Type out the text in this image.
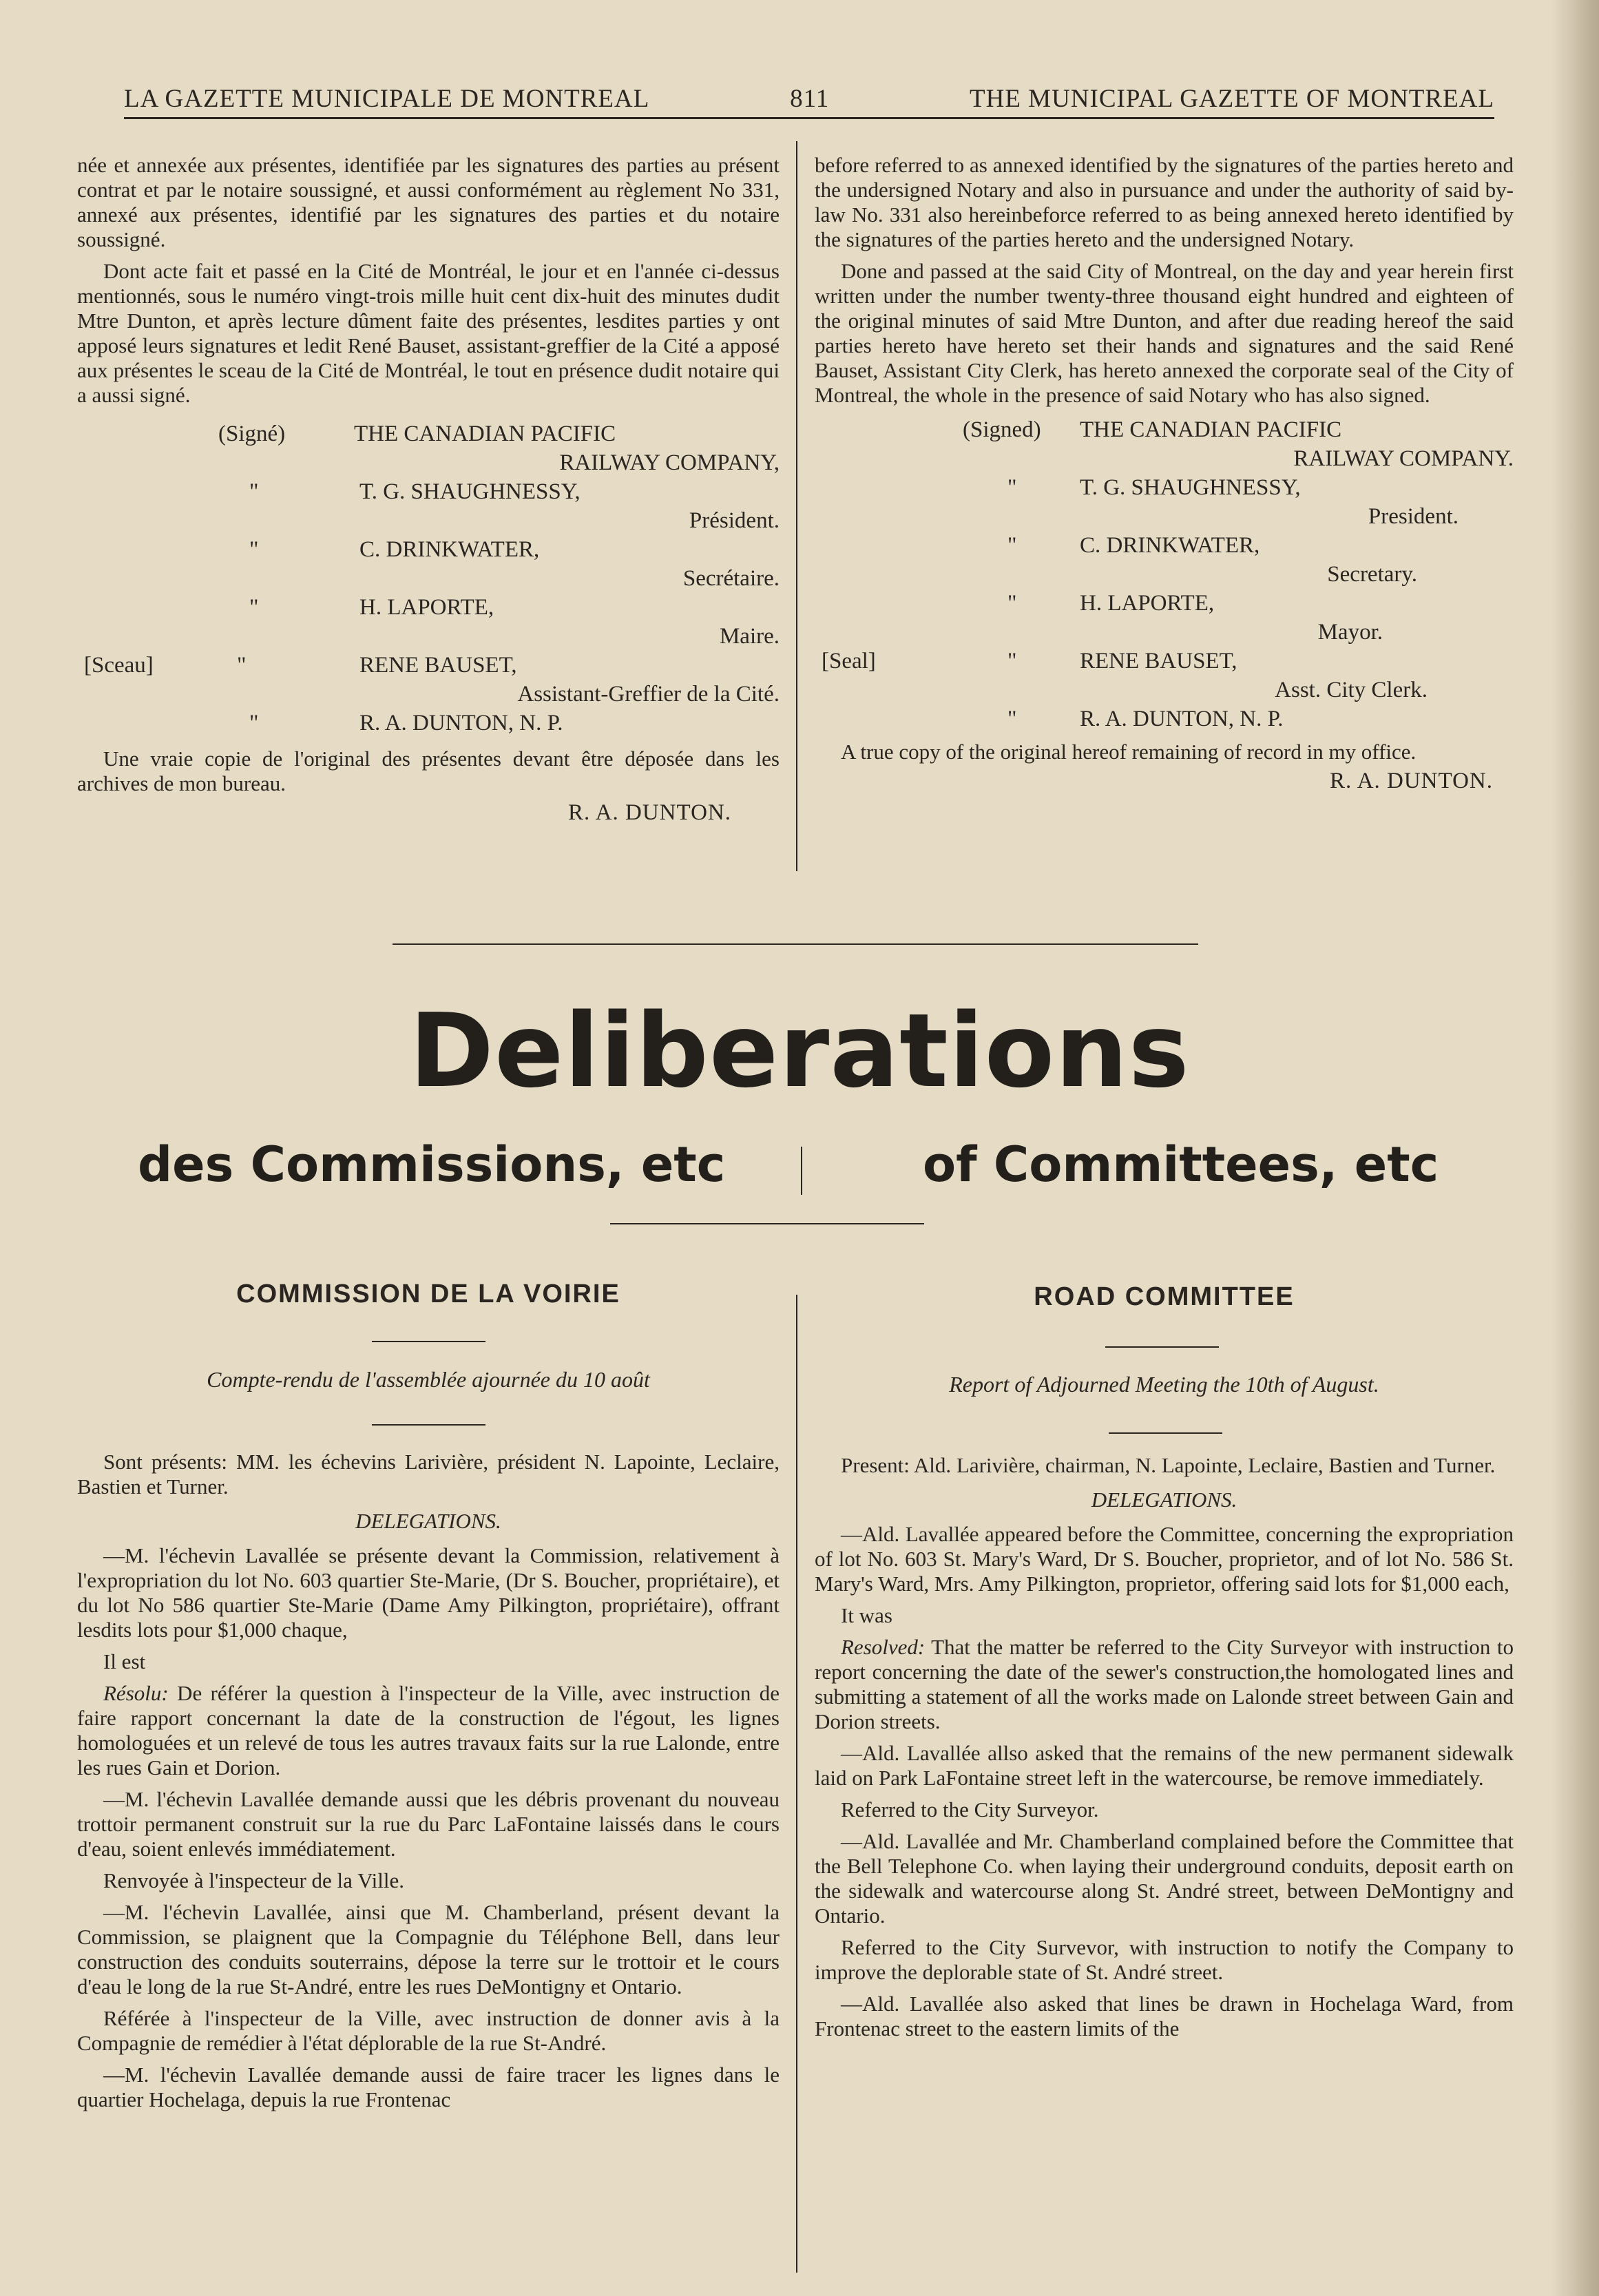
LA GAZETTE MUNICIPALE DE MONTREAL	811	THE MUNICIPAL GAZETTE OF MONTREAL

née et annexée aux présentes, identifiée par les signatures des parties au présent contrat et par le notaire soussigné, et aussi conformément au règlement No 331, annexé aux présentes, identifié par les signatures des parties et du notaire soussigné.

Dont acte fait et passé en la Cité de Montréal, le jour et en l'année ci-dessus mentionnés, sous le numéro vingt-trois mille huit cent dix-huit des minutes dudit Mtre Dunton, et après lecture dûment faite des présentes, lesdites parties y ont apposé leurs signatures et ledit René Bauset, assistant-greffier de la Cité a apposé aux présentes le sceau de la Cité de Montréal, le tout en présence dudit notaire qui a aussi signé.

(Signé)	THE CANADIAN PACIFIC
RAILWAY COMPANY,
"	T. G. SHAUGHNESSY,
Président.
"	C. DRINKWATER,
Secrétaire.
"	H. LAPORTE,
Maire.
[Sceau]	"	RENE BAUSET,
Assistant-Greffier de la Cité.
"	R. A. DUNTON, N. P.

Une vraie copie de l'original des présentes devant être déposée dans les archives de mon bureau.

R. A. DUNTON.

before referred to as annexed identified by the signatures of the parties hereto and the undersigned Notary and also in pursuance and under the authority of said by-law No. 331 also hereinbeforce referred to as being annexed hereto identified by the signatures of the parties hereto and the undersigned Notary.

Done and passed at the said City of Montreal, on the day and year herein first written under the number twenty-three thousand eight hundred and eighteen of the original minutes of said Mtre Dunton, and after due reading hereof the said parties hereto have hereto set their hands and signatures and the said René Bauset, Assistant City Clerk, has hereto annexed the corporate seal of the City of Montreal, the whole in the presence of said Notary who has also signed.

(Signed) THE CANADIAN PACIFIC
RAILWAY COMPANY.
"	T. G. SHAUGHNESSY,
President.
"	C. DRINKWATER,
Secretary.
"	H. LAPORTE,
Mayor.
[Seal]	"	RENE BAUSET,
Asst. City Clerk.
"	R. A. DUNTON, N. P.

A true copy of the original hereof remaining of record in my office.

R. A. DUNTON.
Deliberations
des Commissions, etc	of Committees, etc
COMMISSION DE LA VOIRIE
Compte-rendu de l'assemblée ajournée du 10 août

Sont présents: MM. les échevins Larivière, président N. Lapointe, Leclaire, Bastien et Turner.

DELEGATIONS.

—M. l'échevin Lavallée se présente devant la Commission, relativement à l'expropriation du lot No. 603 quartier Ste-Marie, (Dr S. Boucher, propriétaire), et du lot No 586 quartier Ste-Marie (Dame Amy Pilkington, propriétaire), offrant lesdits lots pour $1,000 chaque,

Il est

Résolu: De référer la question à l'inspecteur de la Ville, avec instruction de faire rapport concernant la date de la construction de l'égout, les lignes homologuées et un relevé de tous les autres travaux faits sur la rue Lalonde, entre les rues Gain et Dorion.

—M. l'échevin Lavallée demande aussi que les débris provenant du nouveau trottoir permanent construit sur la rue du Parc LaFontaine laissés dans le cours d'eau, soient enlevés immédiatement.

Renvoyée à l'inspecteur de la Ville.

—M. l'échevin Lavallée, ainsi que M. Chamberland, présent devant la Commission, se plaignent que la Compagnie du Téléphone Bell, dans leur construction des conduits souterrains, dépose la terre sur le trottoir et le cours d'eau le long de la rue St-André, entre les rues DeMontigny et Ontario.

Référée à l'inspecteur de la Ville, avec instruction de donner avis à la Compagnie de remédier à l'état déplorable de la rue St-André.

—M. l'échevin Lavallée demande aussi de faire tracer les lignes dans le quartier Hochelaga, depuis la rue Frontenac

ROAD COMMITTEE
Report of Adjourned Meeting the 10th of August.

Present: Ald. Larivière, chairman, N. Lapointe, Leclaire, Bastien and Turner.

DELEGATIONS.

—Ald. Lavallée appeared before the Committee, concerning the expropriation of lot No. 603 St. Mary's Ward, Dr S. Boucher, proprietor, and of lot No. 586 St. Mary's Ward, Mrs. Amy Pilkington, proprietor, offering said lots for $1,000 each,

It was

Resolved: That the matter be referred to the City Surveyor with instruction to report concerning the date of the sewer's construction,the homologated lines and submitting a statement of all the works made on Lalonde street between Gain and Dorion streets.

—Ald. Lavallée allso asked that the remains of the new permanent sidewalk laid on Park LaFontaine street left in the watercourse, be remove immediately.

Referred to the City Surveyor.

—Ald. Lavallée and Mr. Chamberland complained before the Committee that the Bell Telephone Co. when laying their underground conduits, deposit earth on the sidewalk and watercourse along St. André street, between DeMontigny and Ontario.

Referred to the City Survevor, with instruction to notify the Company to improve the deplorable state of St. André street.

—Ald. Lavallée also asked that lines be drawn in Hochelaga Ward, from Frontenac street to the eastern limits of the
